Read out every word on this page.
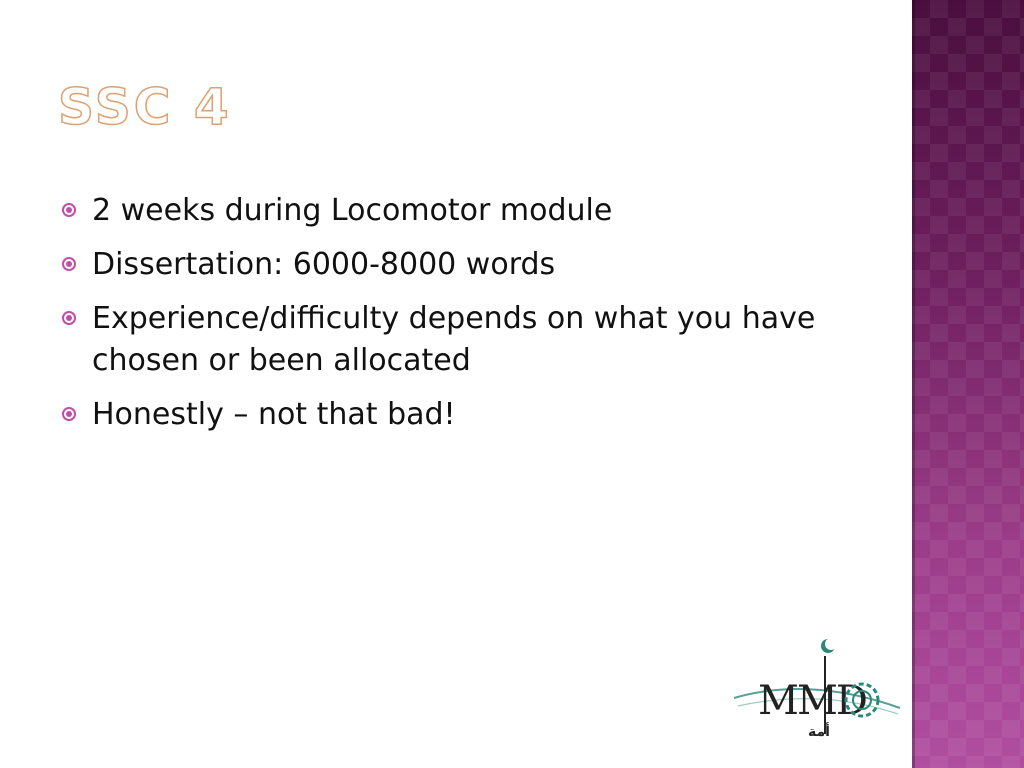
SSC 4
2 weeks during Locomotor module
Dissertation: 6000-8000 words
Experience/difficulty depends on what you have chosen or been allocated
Honestly – not that bad!
MMD
أمة
